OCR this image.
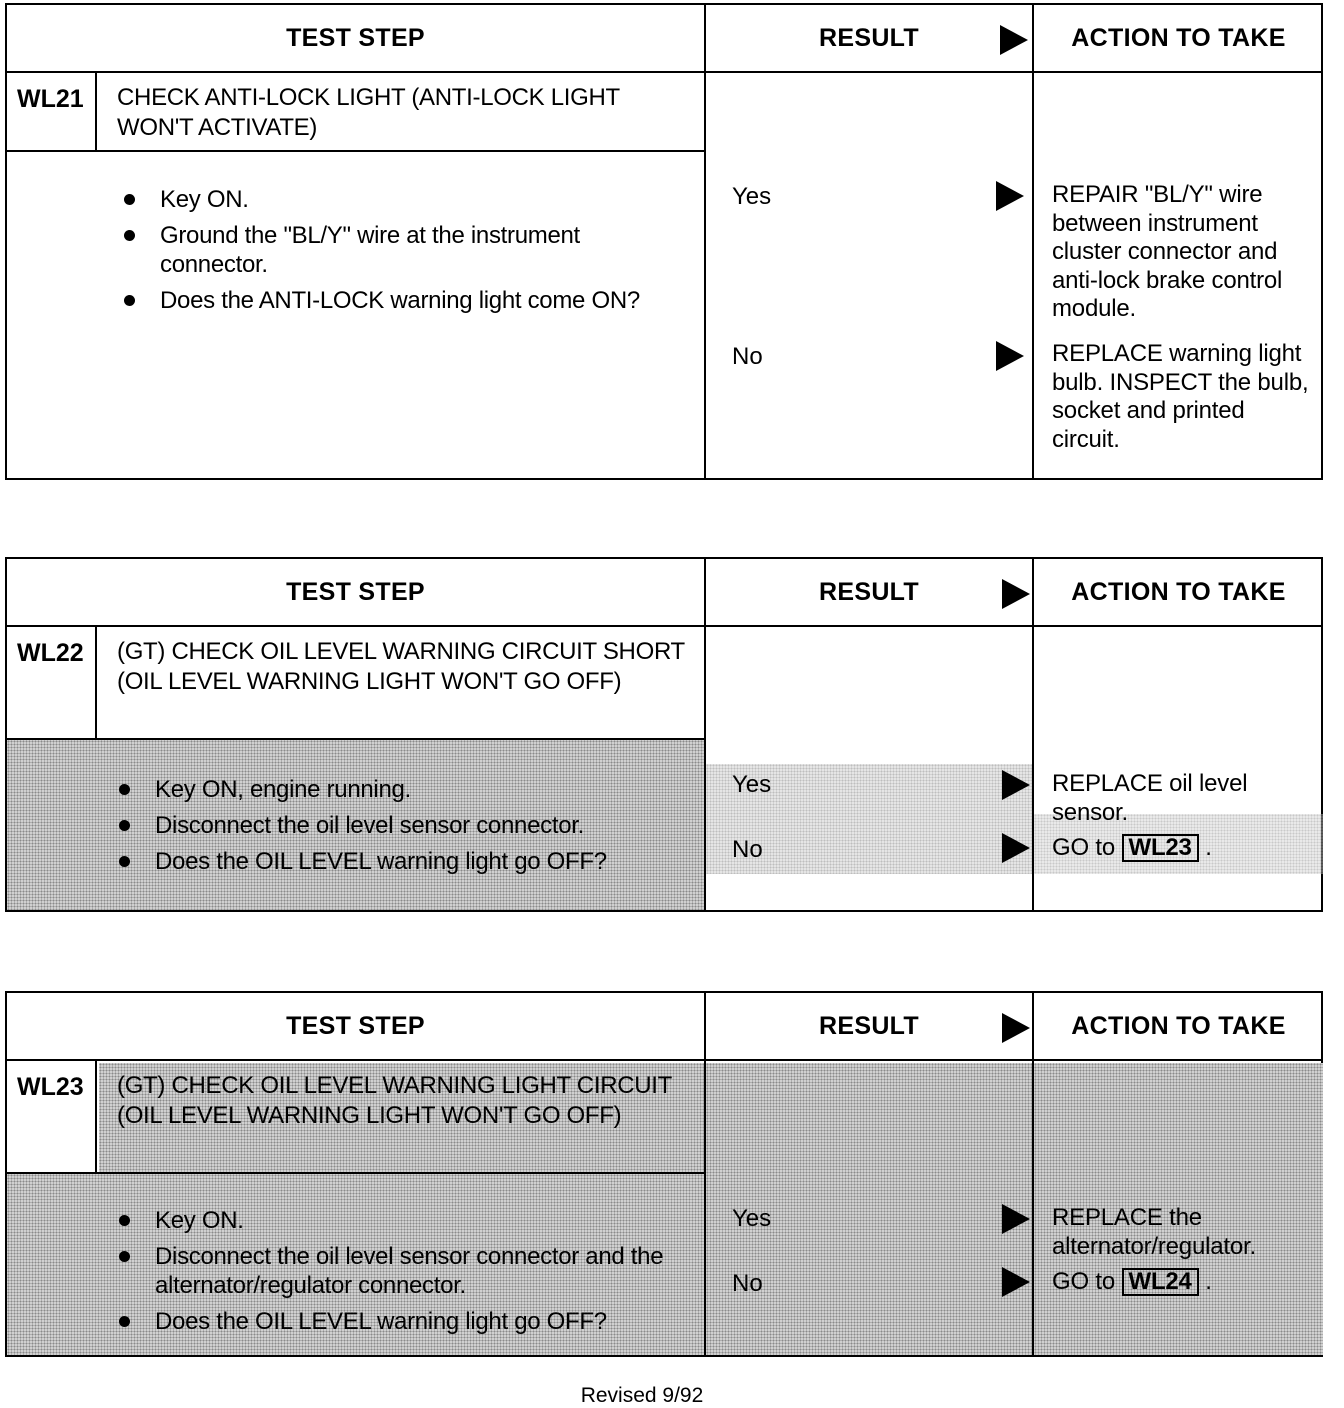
TEST STEP	RESULT	ACTION TO TAKE
WL21	CHECK ANTI-LOCK LIGHT (ANTI-LOCK LIGHT WON'T ACTIVATE)
Key ON.
Ground the "BL/Y" wire at the instrument connector.
Does the ANTI-LOCK warning light come ON?
Yes	REPAIR "BL/Y" wire between instrument cluster connector and anti-lock brake control module.
No	REPLACE warning light bulb. INSPECT the bulb, socket and printed circuit.
TEST STEP	RESULT	ACTION TO TAKE
WL22	(GT) CHECK OIL LEVEL WARNING CIRCUIT SHORT (OIL LEVEL WARNING LIGHT WON'T GO OFF)
Key ON, engine running.
Disconnect the oil level sensor connector.
Does the OIL LEVEL warning light go OFF?
Yes	REPLACE oil level sensor.
No	GO to WL23 .
TEST STEP	RESULT	ACTION TO TAKE
WL23	(GT) CHECK OIL LEVEL WARNING LIGHT CIRCUIT (OIL LEVEL WARNING LIGHT WON'T GO OFF)
Key ON.
Disconnect the oil level sensor connector and the alternator/regulator connector.
Does the OIL LEVEL warning light go OFF?
Yes	REPLACE the alternator/regulator.
No	GO to WL24 .
Revised 9/92
